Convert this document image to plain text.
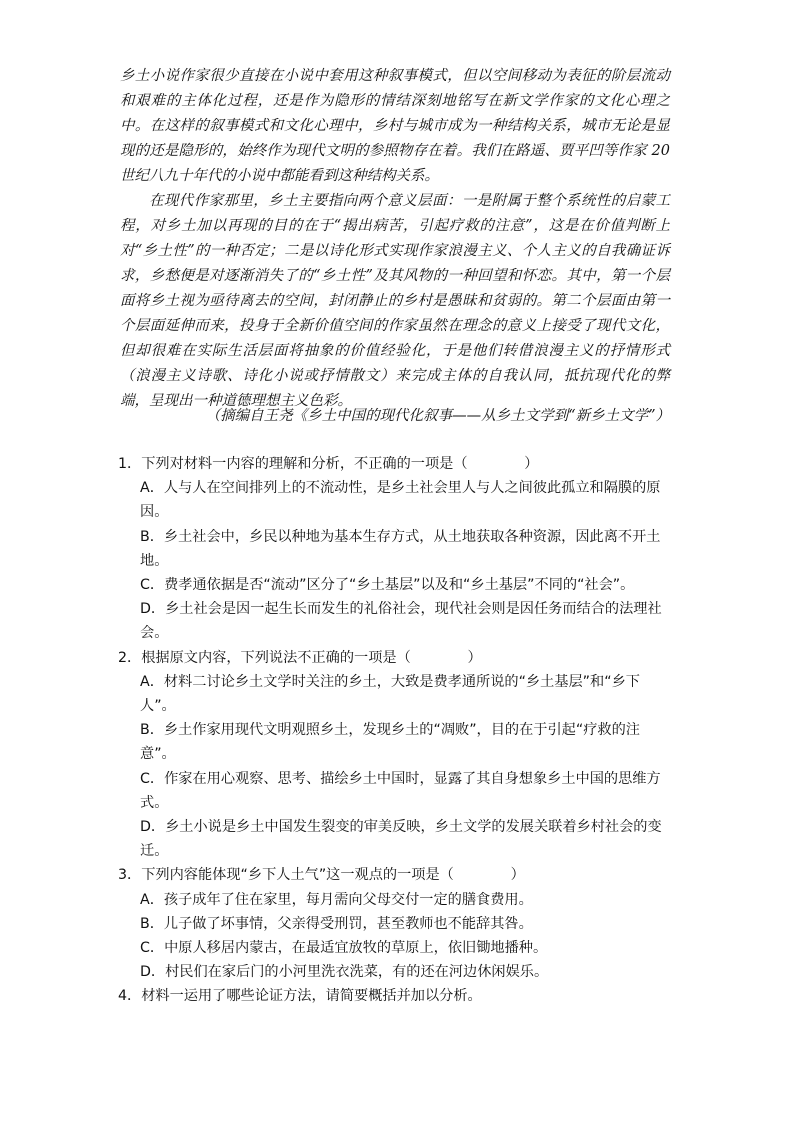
乡土小说作家很少直接在小说中套用这种叙事模式，但以空间移动为表征的阶层流动和艰难的主体化过程，还是作为隐形的情结深刻地铭写在新文学作家的文化心理之中。在这样的叙事模式和文化心理中，乡村与城市成为一种结构关系，城市无论是显现的还是隐形的，始终作为现代文明的参照物存在着。我们在路遥、贾平凹等作家 20 世纪八九十年代的小说中都能看到这种结构关系。

在现代作家那里，乡土主要指向两个意义层面：一是附属于整个系统性的启蒙工程，对乡土加以再现的目的在于“揭出病苦，引起疗救的注意”，这是在价值判断上对“乡土性”的一种否定；二是以诗化形式实现作家浪漫主义、个人主义的自我确证诉求，乡愁便是对逐渐消失了的“乡土性”及其风物的一种回望和怀恋。其中，第一个层面将乡土视为亟待离去的空间，封闭静止的乡村是愚昧和贫弱的。第二个层面由第一个层面延伸而来，投身于全新价值空间的作家虽然在理念的意义上接受了现代文化，但却很难在实际生活层面将抽象的价值经验化，于是他们转借浪漫主义的抒情形式（浪漫主义诗歌、诗化小说或抒情散文）来完成主体的自我认同，抵抗现代化的弊端，呈现出一种道德理想主义色彩。

（摘编自王尧《乡土中国的现代化叙事——从乡土文学到“新乡土文学”）

1．下列对材料一内容的理解和分析，不正确的一项是（　　　　）

A．人与人在空间排列上的不流动性，是乡土社会里人与人之间彼此孤立和隔膜的原因。

B．乡土社会中，乡民以种地为基本生存方式，从土地获取各种资源，因此离不开土地。

C．费孝通依据是否“流动”区分了“乡土基层”以及和“乡土基层”不同的“社会”。

D．乡土社会是因一起生长而发生的礼俗社会，现代社会则是因任务而结合的法理社会。

2．根据原文内容，下列说法不正确的一项是（　　　　）

A．材料二讨论乡土文学时关注的乡土，大致是费孝通所说的“乡土基层”和“乡下人”。

B．乡土作家用现代文明观照乡土，发现乡土的“凋败”，目的在于引起“疗救的注意”。

C．作家在用心观察、思考、描绘乡土中国时，显露了其自身想象乡土中国的思维方式。

D．乡土小说是乡土中国发生裂变的审美反映，乡土文学的发展关联着乡村社会的变迁。

3．下列内容能体现“乡下人土气”这一观点的一项是（　　　　）

A．孩子成年了住在家里，每月需向父母交付一定的膳食费用。

B．儿子做了坏事情，父亲得受刑罚，甚至教师也不能辞其咎。

C．中原人移居内蒙古，在最适宜放牧的草原上，依旧锄地播种。

D．村民们在家后门的小河里洗衣洗菜，有的还在河边休闲娱乐。

4．材料一运用了哪些论证方法，请简要概括并加以分析。
